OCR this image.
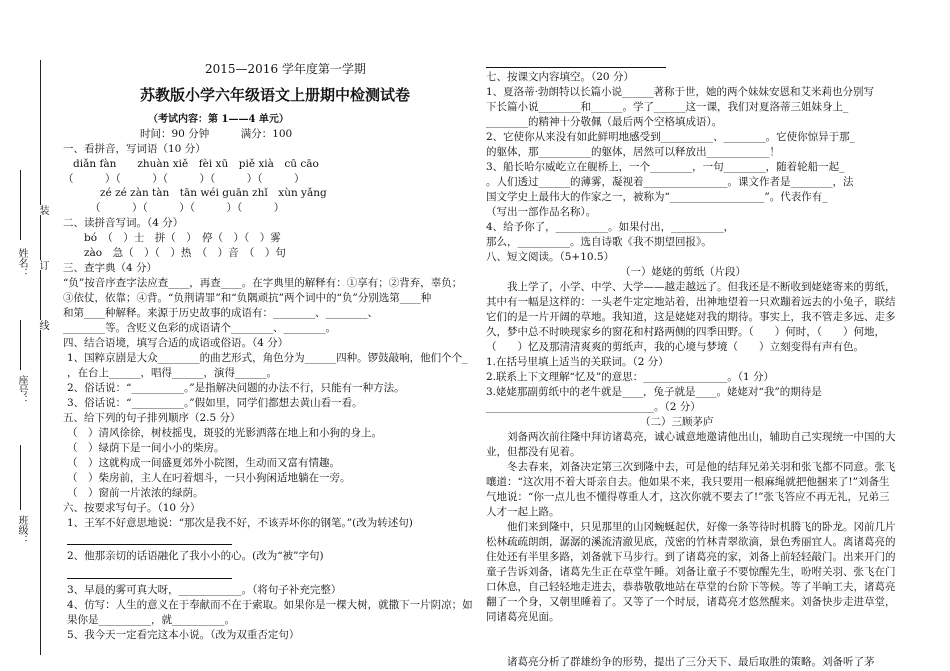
姓名：
座号：
班级：
装
订
线
2015—2016 学年度第一学期
苏教版小学六年级语文上册期中检测试卷
（考试内容：第 1——4 单元）
时间：90 分钟　　　满分：100
一、看拼音，写词语（10 分）
diǎn fàn　　zhuàn xiě　fèi xū　piě xià　cū cāo
（　　　）（　　　）（　　　）（　　　）（　　　）
zé zé zàn tàn　tān wéi guān zhǐ　xùn yǎng
（　　　）（　　　）（　　　）（　　　）
二、读拼音写词。（4 分）
bó　（　）士　拼（　）　停（　）（　）雾
zào　急（　）（　）热　（　）音　（　）句
三、查字典（4 分）
“负”按音序查字法应查____，再查____。在字典里的解释有：①享有；②背弃，辜负；
③依仗，依靠；④背。“负荆请罪”和“负隅顽抗”两个词中的“负”分别选第____种
和第____种解释。来源于历史故事的成语有：________、________、
________等。含贬义色彩的成语请个________、________。
四、结合语境，填写合适的成语或俗语。（4 分）
1、国粹京剧是大众________的曲艺形式，角色分为______四种。锣鼓敲响，他们个个_
，在台上______，唱得______，演得______。
2、俗话说：“__________。”是指解决问题的办法不行，只能有一种方法。
3、俗话说：“__________。”假如里，同学们都想去黄山看一看。
五、给下列的句子排列顺序（2.5 分）
（　）清风徐徐，树枝摇曳，斑驳的光影洒落在地上和小狗的身上。
（　）绿荫下是一间小小的柴房。
（　）这就构成一间盛夏郊外小院图，生动而又富有情趣。
（　）柴房前，主人在叼着烟斗，一只小狗闲适地躺在一旁。
（　）窗前一片浓浓的绿荫。
六、按要求写句子。（10 分）
1、王军不好意思地说：“那次是我不好，不该弄坏你的钢笔。”(改为转述句)
2、他那亲切的话语融化了我小小的心。(改为“被”字句)
3、早晨的雾可真大呀，____________。（将句子补充完整）
4、仿写：人生的意义在于奉献而不在于索取。如果你是一棵大树，就撒下一片阴凉；如
果你是__________，就__________。
5、我今天一定看完这本小说。（改为双重否定句）
七、按课文内容填空。（20 分）
1、夏洛蒂·勃朗特以长篇小说______著称于世，她的两个妹妹安恩和艾米莉也分别写
下长篇小说________和______。学了______这一课，我们对夏洛蒂三姐妹身上_
________的精神十分敬佩（最后两个空格填成语）。
2、它使你从来没有如此鲜明地感受到__________、________。它使你惊异于那_
的躯体，那__________的躯体，居然可以释放出____________！
3、船长哈尔威屹立在舰桥上，一个________，一句________，随着轮船一起_
。人们透过______的薄雾，凝视着________________。课文作者是________，法
国文学史上最伟大的作家之一，被称为“__________________”。代表作有_
（写出一部作品名称）。
4、给予你了，__________。如果付出，__________，
那么，__________。选自诗歌《我不期望回报》。
八、短文阅读。（5+10.5）
（一）姥姥的剪纸（片段）
我上学了，小学、中学、大学——越走越远了。但我还是不断收到姥姥寄来的剪纸，其中有一幅是这样的：一头老牛定定地站着，出神地望着一只欢蹦着远去的小兔子，联结它们的是一片开阔的草地。我知道，这是姥姥对我的期待。事实上，我不管走多远、走多久，梦中总不时映现家乡的窗花和村路两侧的四季田野。（　　）何时，（　　）何地，（　　）忆及那清清爽爽的剪纸声，我的心境与梦境（　　）立刻变得有声有色。
1.在括号里填上适当的关联词。（2 分）
2.联系上下文理解“忆及”的意思：________________。（1 分）
3.姥姥那副剪纸中的老牛就是____，兔子就是____。姥姥对“我”的期待是
________________________________。（2 分）
（二）三顾茅庐
刘备两次前往隆中拜访诸葛亮，诚心诚意地邀请他出山，辅助自己实现统一中国的大业，但都没有见着。
冬去春来，刘备决定第三次到隆中去，可是他的结拜兄弟关羽和张飞都不同意。张飞嚷道：“这次用不着大哥亲自去。他如果不来，我只要用一根麻绳就把他捆来了!”刘备生气地说：“你一点儿也不懂得尊重人才，这次你就不要去了!”张飞答应不再无礼，兄弟三人才一起上路。
他们来到隆中，只见那里的山冈蜿蜒起伏，好像一条等待时机腾飞的卧龙。冈前几片松林疏疏朗朗，潺潺的溪流清澈见底，茂密的竹林青翠欲滴，景色秀丽宜人。离诸葛亮的住处还有半里多路，刘备就下马步行。到了诸葛亮的家，刘备上前轻轻敲门。出来开门的童子告诉刘备，诸葛先生正在草堂午睡。刘备让童子不要惊醒先生，吩咐关羽、张飞在门口休息，自己轻轻地走进去，恭恭敬敬地站在草堂的台阶下等候。等了半晌工夫，诸葛亮翻了一个身，又朝里睡着了。又等了一个时辰，诸葛亮才悠然醒来。刘备快步走进草堂，同诸葛亮见面。
诸葛亮分析了群雄纷争的形势，提出了三分天下、最后取胜的策略。刘备听了茅
